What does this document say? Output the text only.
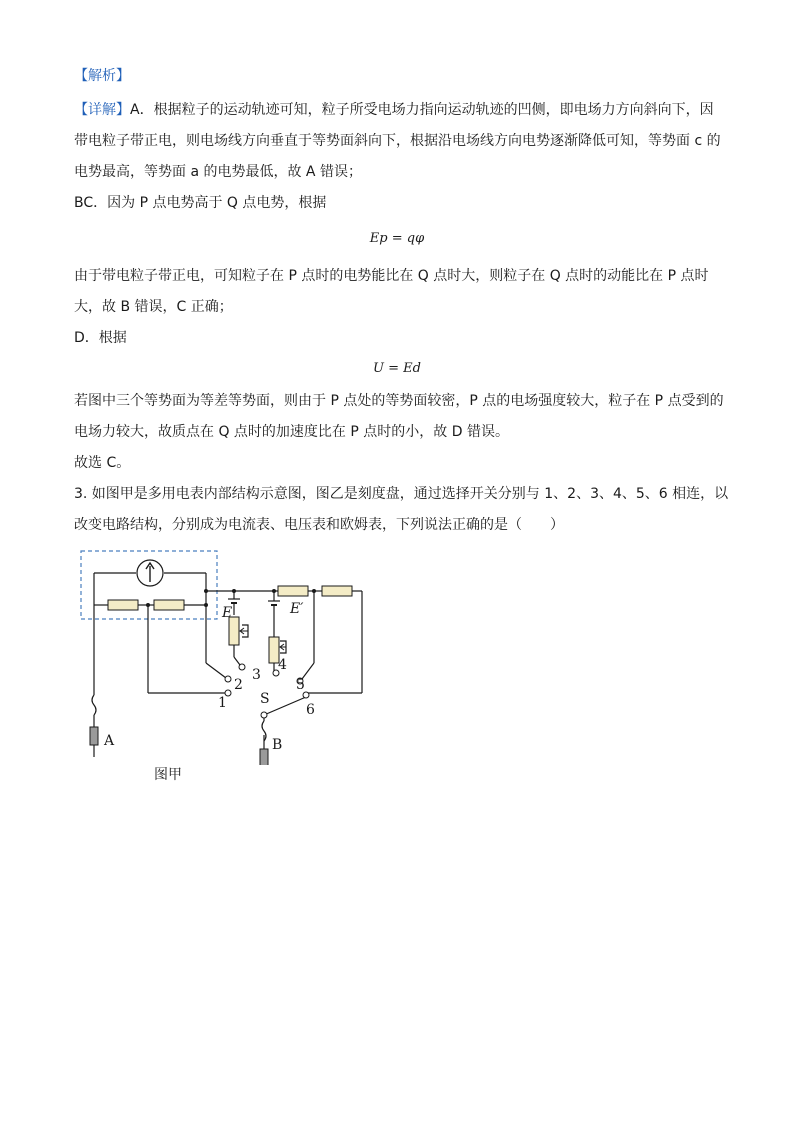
【解析】
【详解】A．根据粒子的运动轨迹可知，粒子所受电场力指向运动轨迹的凹侧，即电场力方向斜向下，因
带电粒子带正电，则电场线方向垂直于等势面斜向下，根据沿电场线方向电势逐渐降低可知，等势面 c 的
电势最高，等势面 a 的电势最低，故 A 错误；
BC．因为 P 点电势高于 Q 点电势，根据
Ep = qφ
由于带电粒子带正电，可知粒子在 P 点时的电势能比在 Q 点时大，则粒子在 Q 点时的动能比在 P 点时
大，故 B 错误，C 正确；
D．根据
U = Ed
若图中三个等势面为等差等势面，则由于 P 点处的等势面较密，P 点的电场强度较大，粒子在 P 点受到的
电场力较大，故质点在 Q 点时的加速度比在 P 点时的小，故 D 错误。
故选 C。
3. 如图甲是多用电表内部结构示意图，图乙是刻度盘，通过选择开关分别与 1、2、3、4、5、6 相连，以
改变电路结构，分别成为电流表、电压表和欧姆表，下列说法正确的是（　　）
E	E′
1
2
3
4
5
6
S
A	B
图甲
